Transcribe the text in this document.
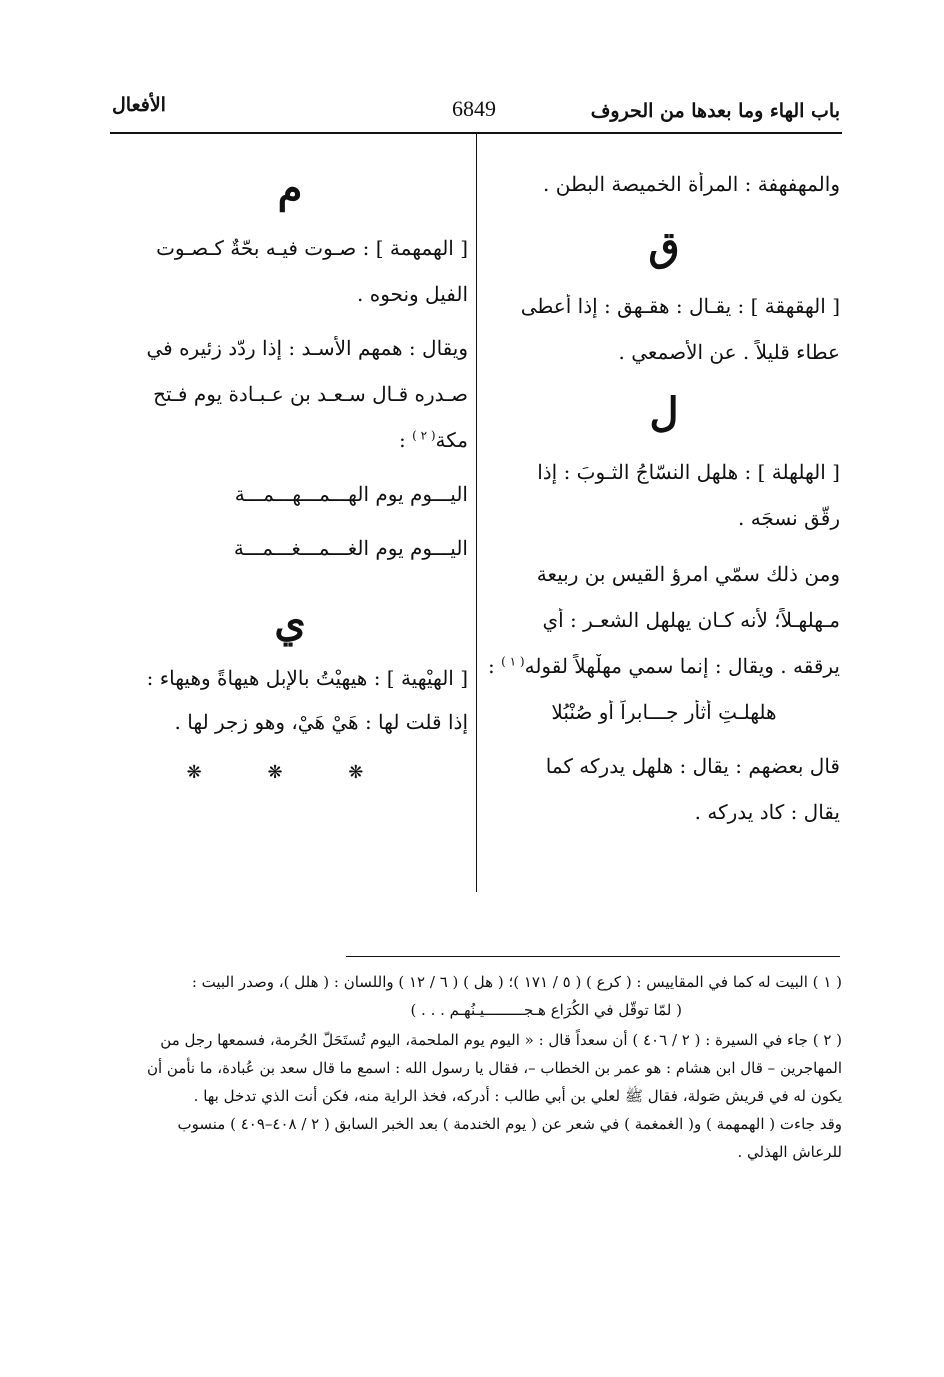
باب الهاء وما بعدها من الحروف
6849
الأفعال

والمهفهفة : المرأة الخميصة البطن .

ق

[ الهقهقة ] : يقـال : هقـهق : إذا أعطى

عطاء قليلاً . عن الأصمعي .

ل

[ الهلهلة ] : هلهل النسّاجُ الثـوبَ : إذا

رقّق نسجَه .

ومن ذلك سمّي امرؤ القيس بن ربيعة

مـهلهـلاً؛ لأنه كـان يهلهل الشعـر : أي

يرققه . ويقال : إنما سمي مهلْهلاً لقوله$^{( ١ )}$ :

هلهلـتِ أثأر جـــابراً أو صُنْبُلا

قال بعضهم : يقال : هلهل يدركه كما

يقال : كاد يدركه .

م

[ الهمهمة ] : صـوت فيـه بحّةٌ كـصـوت

الفيل ونحوه .

ويقال : همهم الأسـد : إذا ردّد زئيره في

صـدره قـال سـعـد بن عـبـادة يوم فـتح

مكة$^{( ٢ )}$ :

اليـــوم يوم الهـــمـــهـــمـــة

اليـــوم يوم الغـــمـــغـــمـــة

ي

[ الهيْهية ] : هيهيْتُ بالإبل هيهاةً وهيهاء :

إذا قلت لها : هَيْ هَيْ، وهو زجر لها .

❋ ❋ ❋

( ١ ) البيت له كما في المقاييس : ( كرع ) ( ٥ / ١٧١ )؛ ( هل ) ( ٦ / ١٢ ) واللسان : ( هلل )، وصدر البيت :

( لمّا توقّل في الكُرَاع هـجـــــــــيـنُهـم . . . )

( ٢ ) جاء في السيرة : ( ٢ / ٤٠٦ ) أن سعداً قال : « اليوم يوم الملحمة، اليوم تُستَحَلّ الحُرمة، فسمعها رجل من

المهاجرين – قال ابن هشام : هو عمر بن الخطاب –، فقال يا رسول الله : اسمع ما قال سعد بن عُبادة، ما نأمن أن

يكون له في قريش صَولة، فقال ﷺ لعلي بن أبي طالب : أدركه، فخذ الراية منه، فكن أنت الذي تدخل بها .

وقد جاءت ( الهمهمة ) و( الغمغمة ) في شعر عن ( يوم الخندمة ) بعد الخبر السابق ( ٢ / ٤٠٨–٤٠٩ ) منسوب

للرعاش الهذلي .
